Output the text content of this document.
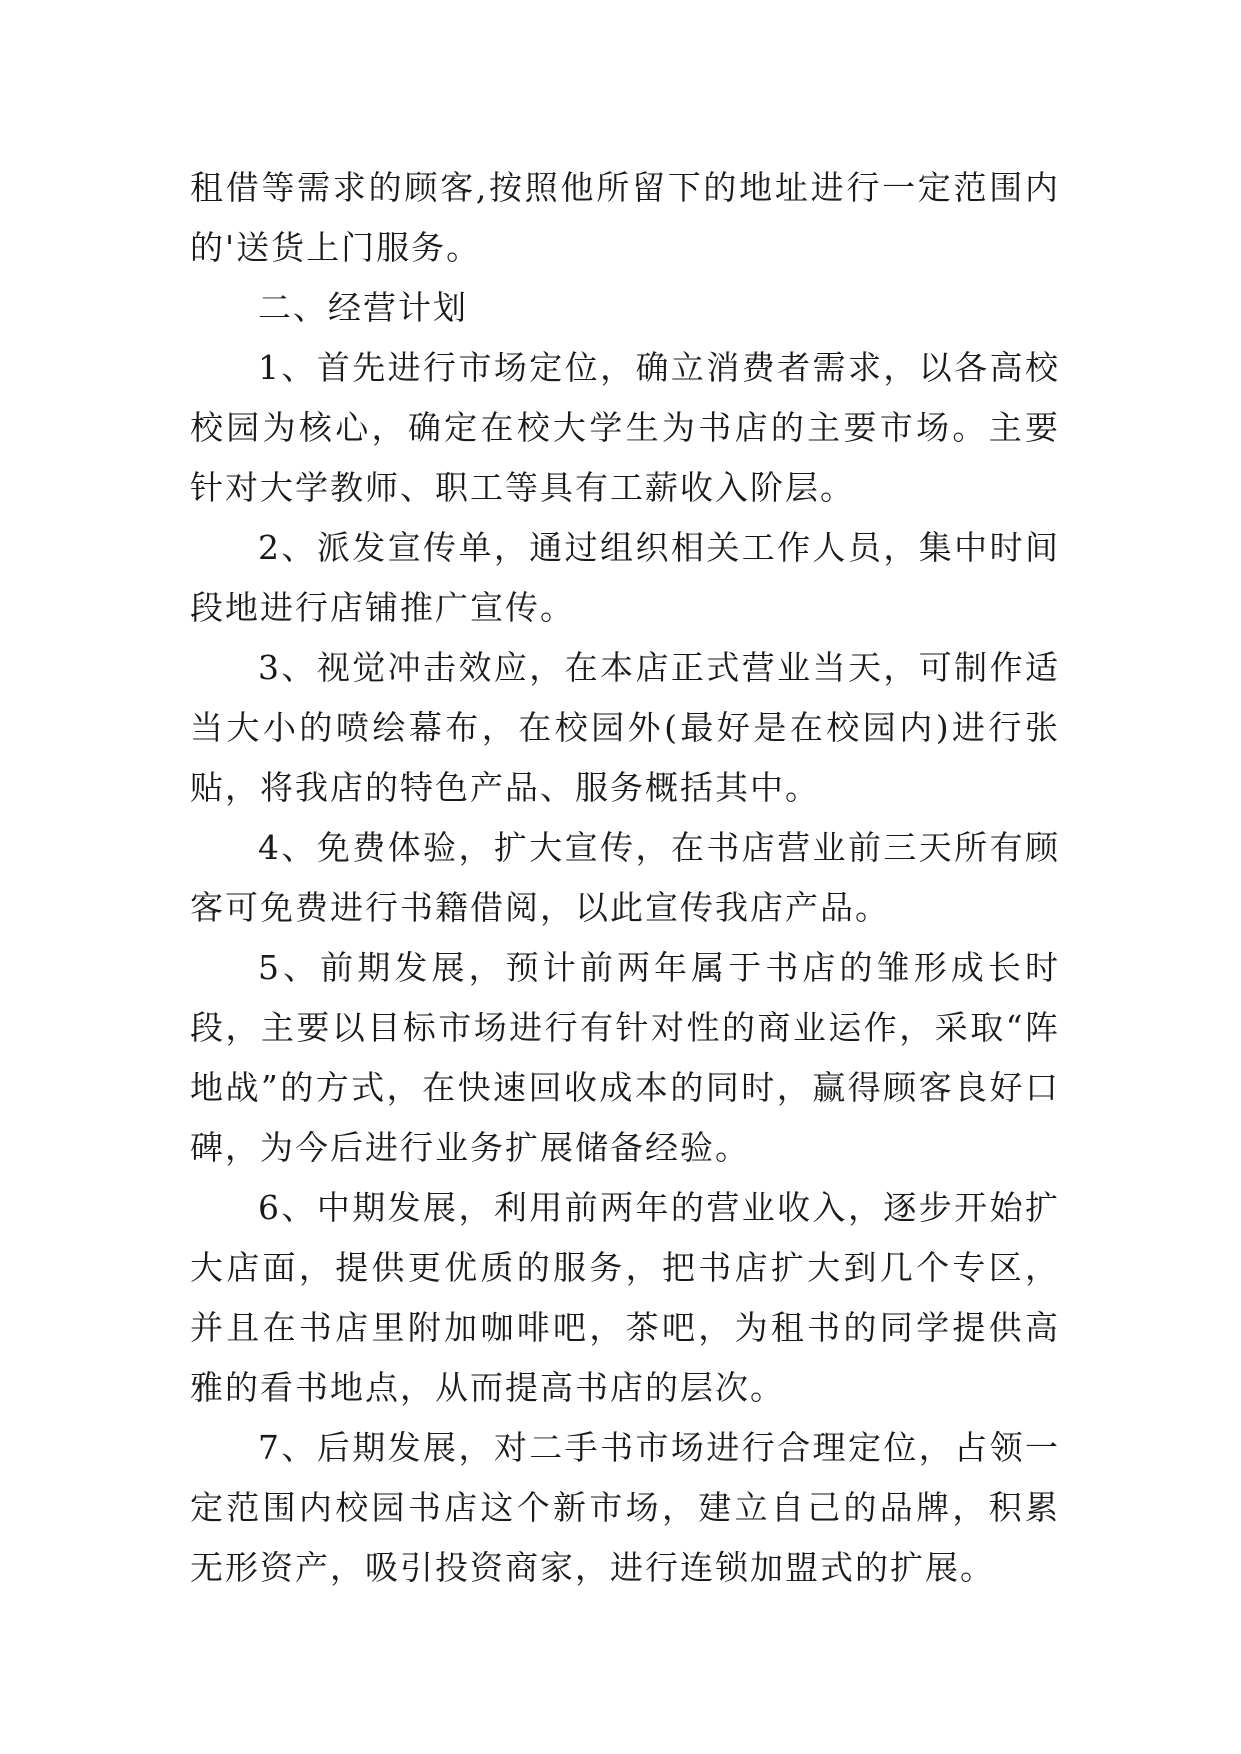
租借等需求的顾客,按照他所留下的地址进行一定范围内的'送货上门服务。

二、经营计划

1、首先进行市场定位，确立消费者需求，以各高校校园为核心，确定在校大学生为书店的主要市场。主要针对大学教师、职工等具有工薪收入阶层。

2、派发宣传单，通过组织相关工作人员，集中时间段地进行店铺推广宣传。

3、视觉冲击效应，在本店正式营业当天，可制作适当大小的喷绘幕布，在校园外(最好是在校园内)进行张贴，将我店的特色产品、服务概括其中。

4、免费体验，扩大宣传，在书店营业前三天所有顾客可免费进行书籍借阅，以此宣传我店产品。

5、前期发展，预计前两年属于书店的雏形成长时段，主要以目标市场进行有针对性的商业运作，采取“阵地战”的方式，在快速回收成本的同时，赢得顾客良好口碑，为今后进行业务扩展储备经验。

6、中期发展，利用前两年的营业收入，逐步开始扩大店面，提供更优质的服务，把书店扩大到几个专区，并且在书店里附加咖啡吧，茶吧，为租书的同学提供高雅的看书地点，从而提高书店的层次。

7、后期发展，对二手书市场进行合理定位，占领一定范围内校园书店这个新市场，建立自己的品牌，积累无形资产，吸引投资商家，进行连锁加盟式的扩展。
